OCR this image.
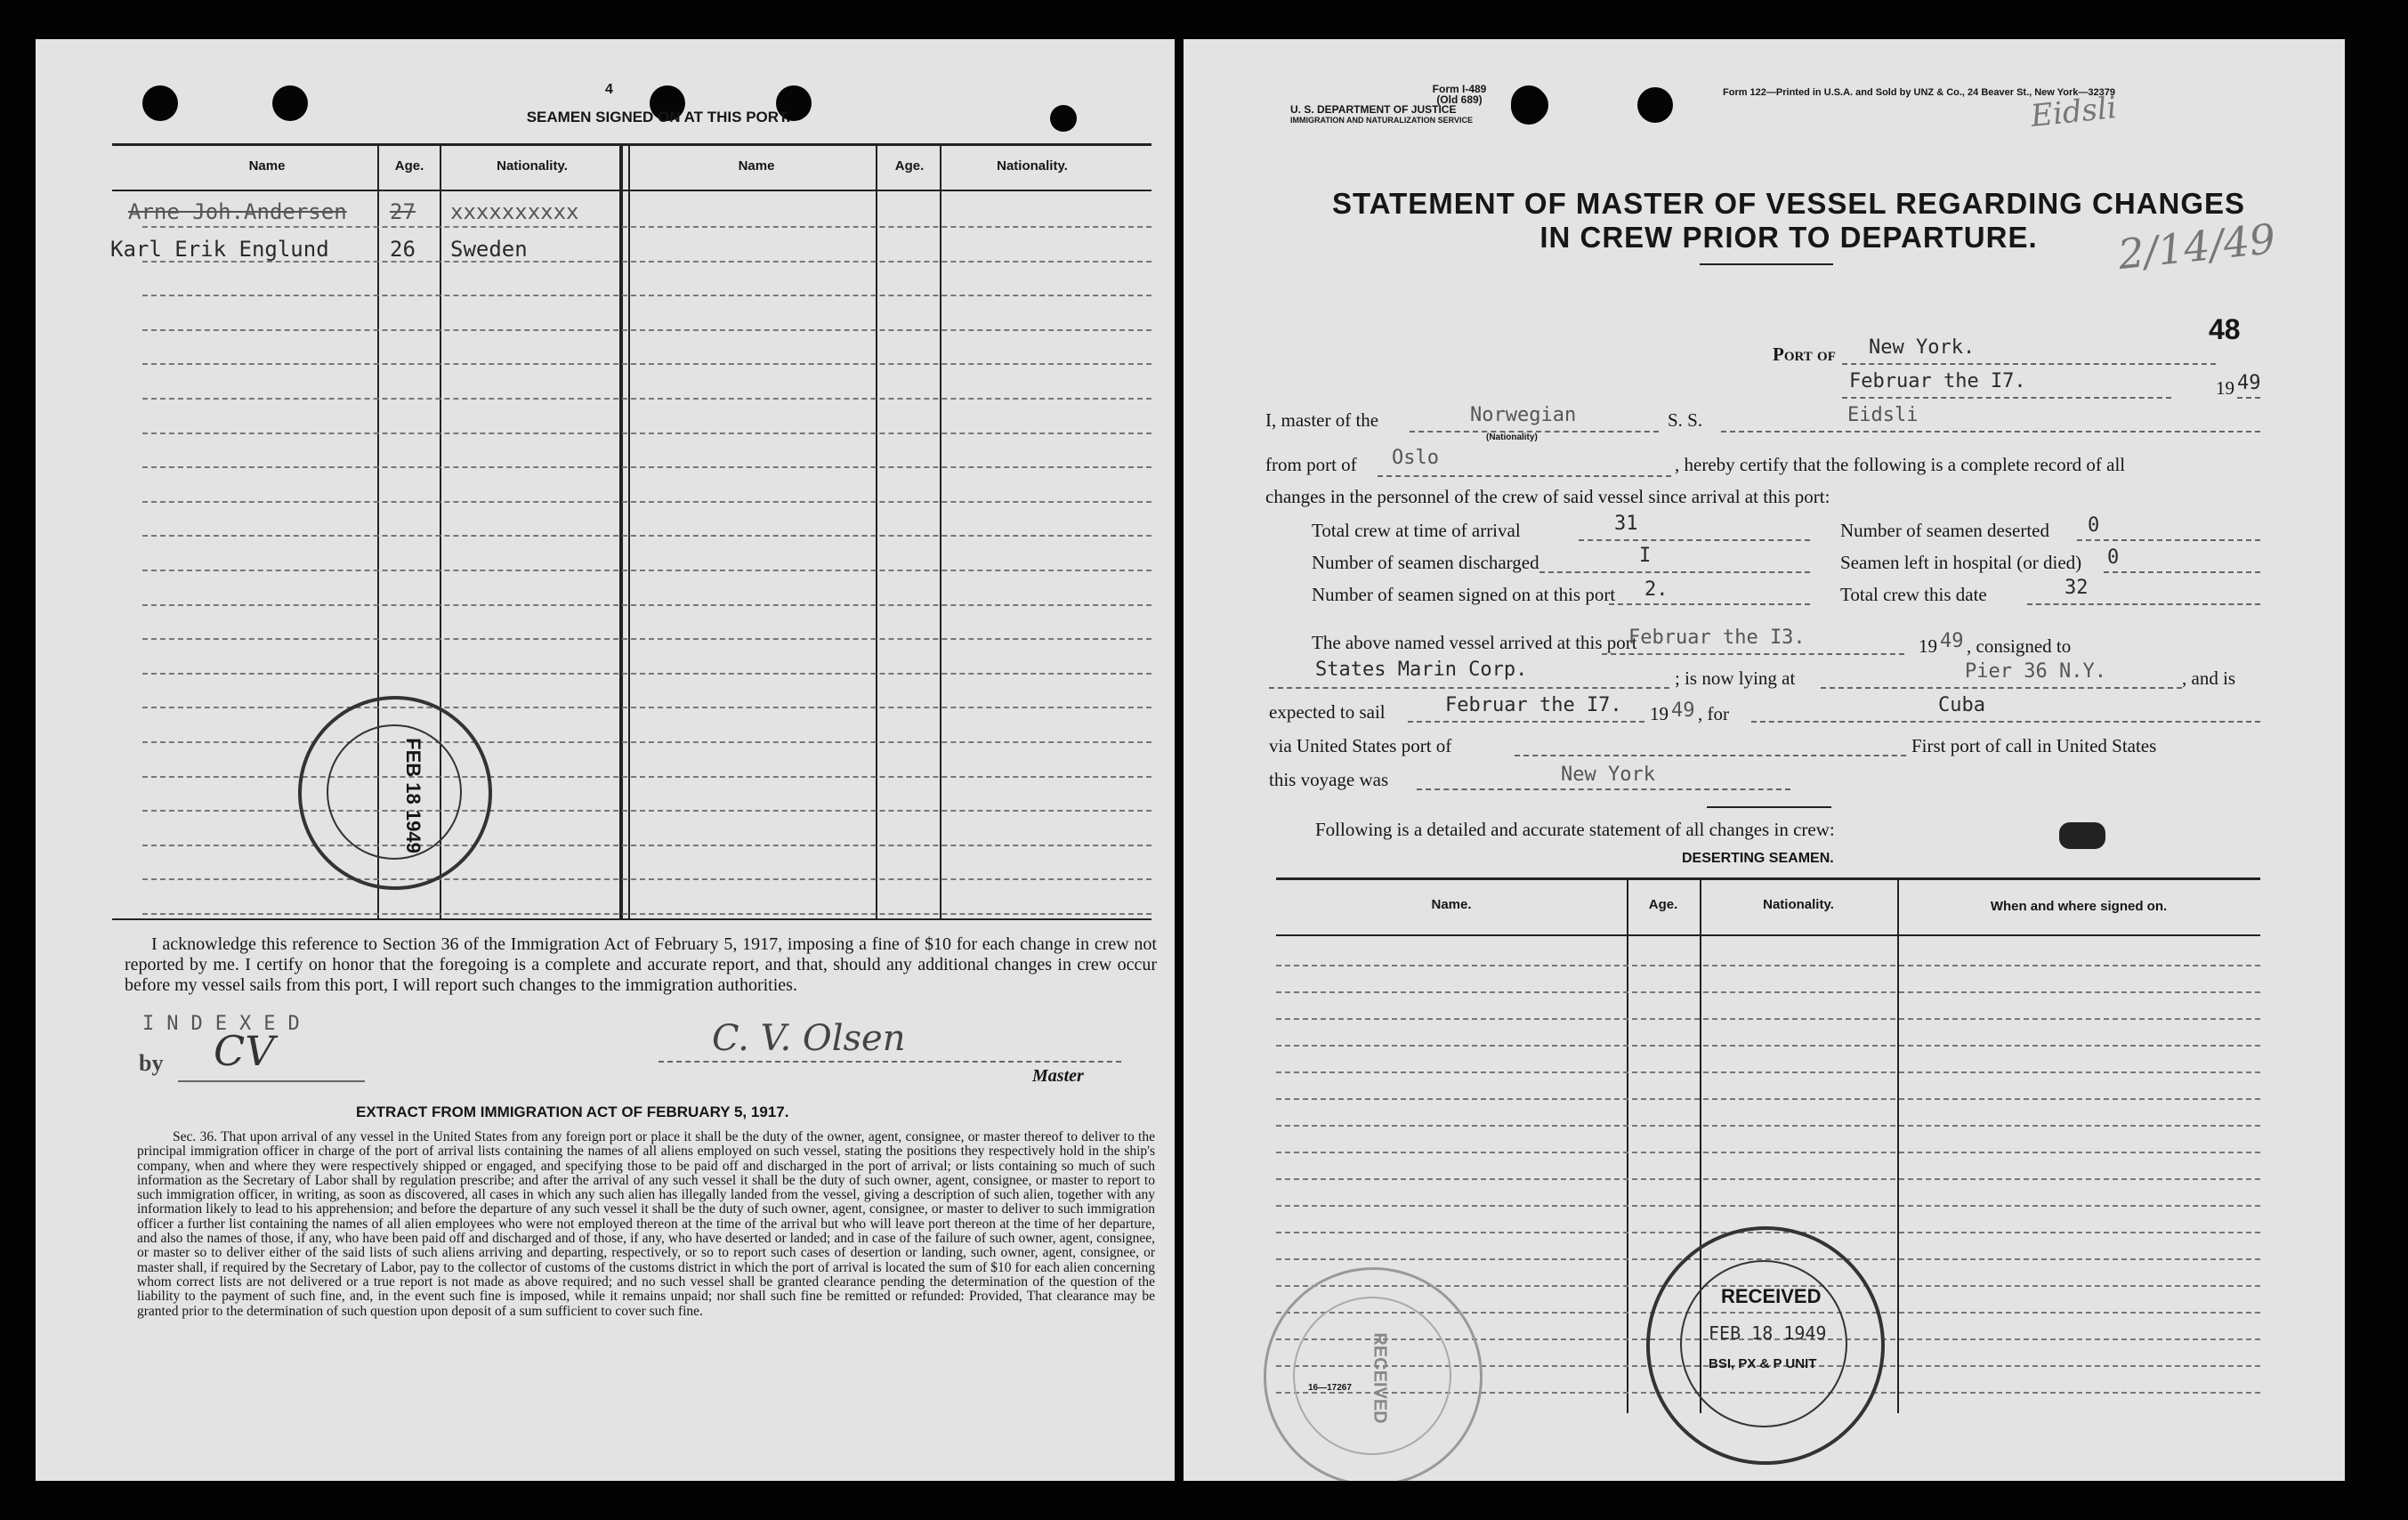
4
SEAMEN SIGNED ON AT THIS PORT.
Name	Age.	Nationality.	Name	Age.	Nationality.
Arne Joh.Andersen 27 xxxxxxxxxx
Karl Erik Englund	26 Sweden
FEB 18 1949
I acknowledge this reference to Section 36 of the Immigration Act of February 5, 1917, imposing a fine of $10 for each change in crew not reported by me. I certify on honor that the foregoing is a complete and accurate report, and that, should any additional changes in crew occur before my vessel sails from this port, I will report such changes to the immigration authorities.
INDEXED
by CV	C. V. Olsen
Master
EXTRACT FROM IMMIGRATION ACT OF FEBRUARY 5, 1917.
Sec. 36. That upon arrival of any vessel in the United States from any foreign port or place it shall be the duty of the owner, agent, consignee, or master thereof to deliver to the principal immigration officer in charge of the port of arrival lists containing the names of all aliens employed on such vessel, stating the positions they respectively hold in the ship's company, when and where they were respectively shipped or engaged, and specifying those to be paid off and discharged in the port of arrival; or lists containing so much of such information as the Secretary of Labor shall by regulation prescribe; and after the arrival of any such vessel it shall be the duty of such owner, agent, consignee, or master to report to such immigration officer, in writing, as soon as discovered, all cases in which any such alien has illegally landed from the vessel, giving a description of such alien, together with any information likely to lead to his apprehension; and before the departure of any such vessel it shall be the duty of such owner, agent, consignee, or master to deliver to such immigration officer a further list containing the names of all alien employees who were not employed thereon at the time of the arrival but who will leave port thereon at the time of her departure, and also the names of those, if any, who have been paid off and discharged and of those, if any, who have deserted or landed; and in case of the failure of such owner, agent, consignee, or master so to deliver either of the said lists of such aliens arriving and departing, respectively, or so to report such cases of desertion or landing, such owner, agent, consignee, or master shall, if required by the Secretary of Labor, pay to the collector of customs of the customs district in which the port of arrival is located the sum of $10 for each alien concerning whom correct lists are not delivered or a true report is not made as above required; and no such vessel shall be granted clearance pending the determination of the question of the liability to the payment of such fine, and, in the event such fine is imposed, while it remains unpaid; nor shall such fine be remitted or refunded: Provided, That clearance may be granted prior to the determination of such question upon deposit of a sum sufficient to cover such fine.
Form I-489
(Old 689)
U. S. DEPARTMENT OF JUSTICE
IMMIGRATION AND NATURALIZATION SERVICE
Form 122—Printed in U.S.A. and Sold by UNZ & Co., 24 Beaver St., New York—32379
Eidsli
2/14/49
STATEMENT OF MASTER OF VESSEL REGARDING CHANGES
IN CREW PRIOR TO DEPARTURE.
48
Port of New York.
Februar the I7.	19 49
I, master of the	Norwegian
(Nationality)
S. S.	Eidsli
from port of Oslo	, hereby certify that the following is a complete record of all
changes in the personnel of the crew of said vessel since arrival at this port:
Total crew at time of arrival	31	Number of seamen deserted 0
Number of seamen discharged	I	Seamen left in hospital (or died) 0
Number of seamen signed on at this port 2.	Total crew this date	32
The above named vessel arrived at this port
Februar the I3.	19 49 , consigned to
States Marin Corp.	; is now lying at	Pier 36 N.Y.	, and is
expected to sail	Februar the I7. 19 49 , for	Cuba
via United States port of	First port of call in United States
this voyage was	New York
Following is a detailed and accurate statement of all changes in crew:
DESERTING SEAMEN.
Name.	Age.	Nationality.	When and where signed on.
RECEIVED
RECEIVED
FEB 18 1949
BSI, PX & P UNIT
16—17267
